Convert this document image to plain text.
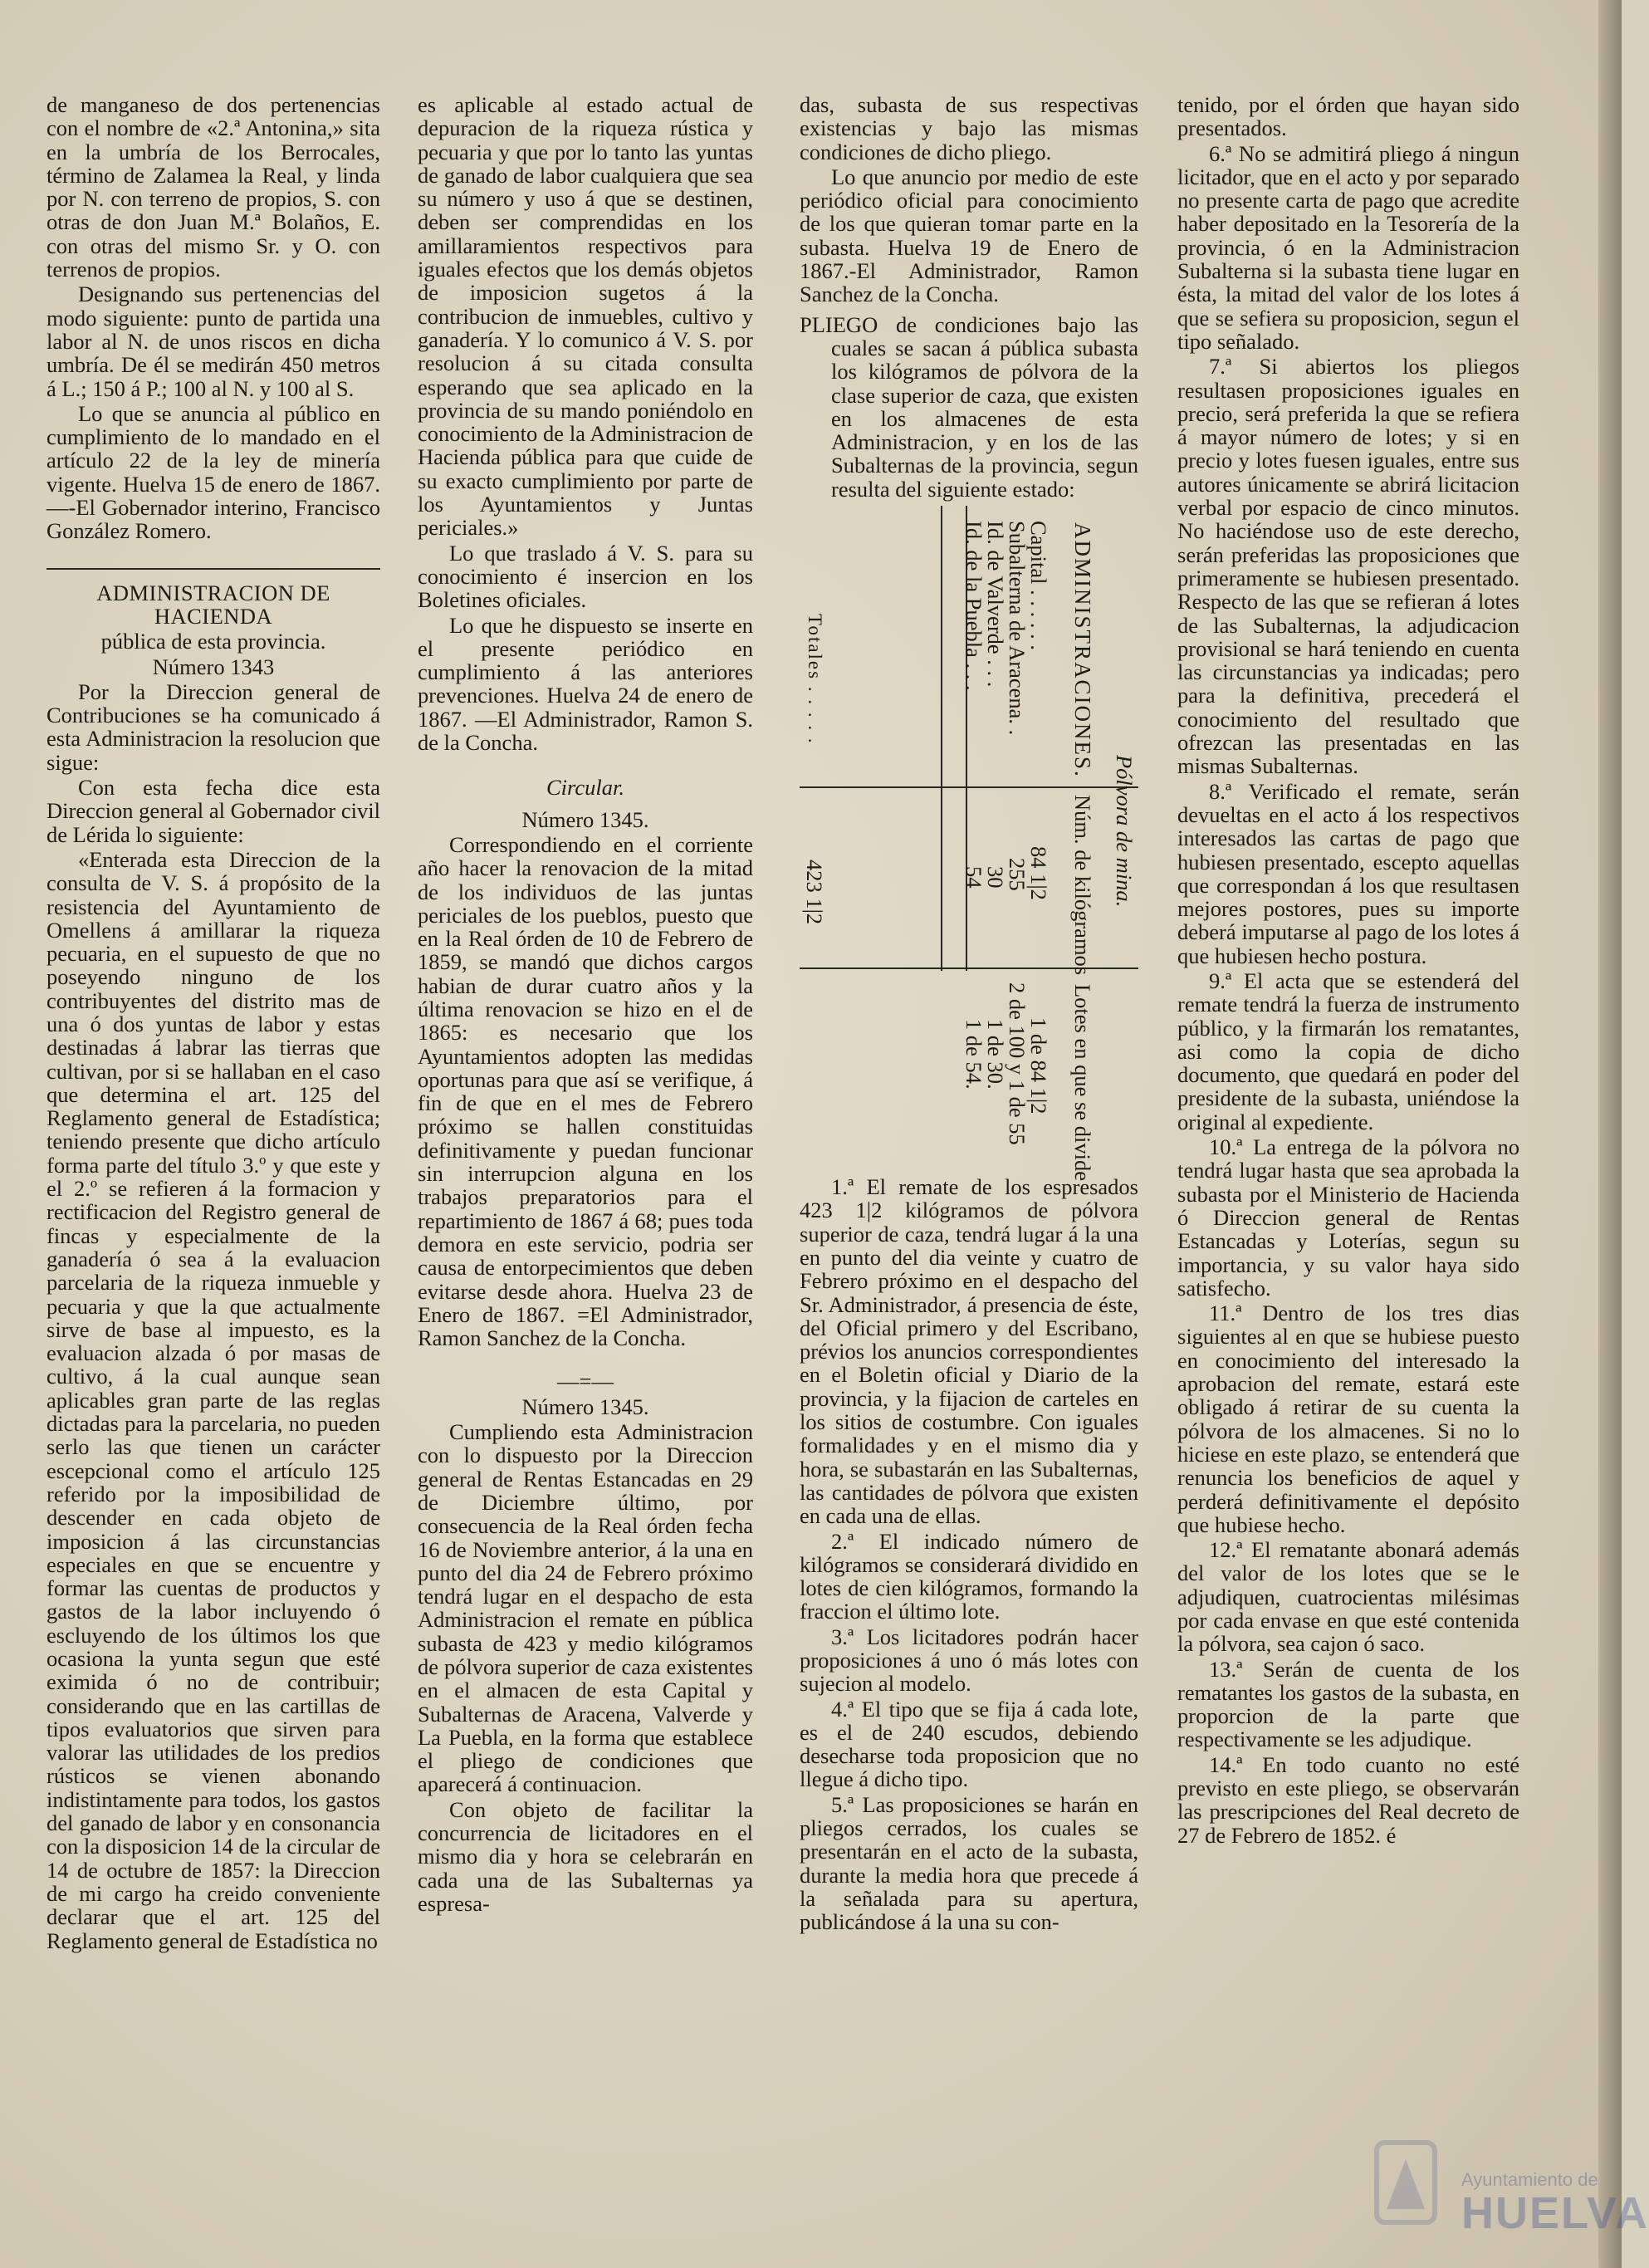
de manganeso de dos pertenencias con el nombre de «2.ª Antonina,» sita en la umbría de los Berrocales, término de Zalamea la Real, y linda por N. con terreno de propios, S. con otras de don Juan M.ª Bolaños, E. con otras del mismo Sr. y O. con terrenos de propios.

Designando sus pertenencias del modo siguiente: punto de partida una labor al N. de unos riscos en dicha umbría. De él se medirán 450 metros á L.; 150 á P.; 100 al N. y 100 al S.

Lo que se anuncia al público en cumplimiento de lo mandado en el artículo 22 de la ley de minería vigente. Huelva 15 de enero de 1867.—-El Gobernador interino, Francisco González Romero.

ADMINISTRACION DE HACIENDA

pública de esta provincia.

Número 1343

Por la Direccion general de Contribuciones se ha comunicado á esta Administracion la resolucion que sigue:

Con esta fecha dice esta Direccion general al Gobernador civil de Lérida lo siguiente:

«Enterada esta Direccion de la consulta de V. S. á propósito de la resistencia del Ayuntamiento de Omellens á amillarar la riqueza pecuaria, en el supuesto de que no poseyendo ninguno de los contribuyentes del distrito mas de una ó dos yuntas de labor y estas destinadas á labrar las tierras que cultivan, por si se hallaban en el caso que determina el art. 125 del Reglamento general de Estadística; teniendo presente que dicho artículo forma parte del título 3.º y que este y el 2.º se refieren á la formacion y rectificacion del Registro general de fincas y especialmente de la ganadería ó sea á la evaluacion parcelaria de la riqueza inmueble y pecuaria y que la que actualmente sirve de base al impuesto, es la evaluacion alzada ó por masas de cultivo, á la cual aunque sean aplicables gran parte de las reglas dictadas para la parcelaria, no pueden serlo las que tienen un carácter escepcional como el artículo 125 referido por la imposibilidad de descender en cada objeto de imposicion á las circunstancias especiales en que se encuentre y formar las cuentas de productos y gastos de la labor incluyendo ó escluyendo de los últimos los que ocasiona la yunta segun que esté eximida ó no de contribuir; considerando que en las cartillas de tipos evaluatorios que sirven para valorar las utilidades de los predios rústicos se vienen abonando indistintamente para todos, los gastos del ganado de labor y en consonancia con la disposicion 14 de la circular de 14 de octubre de 1857: la Direccion de mi cargo ha creido conveniente declarar que el art. 125 del Reglamento general de Estadística no

es aplicable al estado actual de depuracion de la riqueza rústica y pecuaria y que por lo tanto las yuntas de ganado de labor cualquiera que sea su número y uso á que se destinen, deben ser comprendidas en los amillaramientos respectivos para iguales efectos que los demás objetos de imposicion sugetos á la contribucion de inmuebles, cultivo y ganadería. Y lo comunico á V. S. por resolucion á su citada consulta esperando que sea aplicado en la provincia de su mando poniéndolo en conocimiento de la Administracion de Hacienda pública para que cuide de su exacto cumplimiento por parte de los Ayuntamientos y Juntas periciales.»

Lo que traslado á V. S. para su conocimiento é insercion en los Boletines oficiales.

Lo que he dispuesto se inserte en el presente periódico en cumplimiento á las anteriores prevenciones. Huelva 24 de enero de 1867. —El Administrador, Ramon S. de la Concha.

Circular.

Número 1345.

Correspondiendo en el corriente año hacer la renovacion de la mitad de los individuos de las juntas periciales de los pueblos, puesto que en la Real órden de 10 de Febrero de 1859, se mandó que dichos cargos habian de durar cuatro años y la última renovacion se hizo en el de 1865: es necesario que los Ayuntamientos adopten las medidas oportunas para que así se verifique, á fin de que en el mes de Febrero próximo se hallen constituidas definitivamente y puedan funcionar sin interrupcion alguna en los trabajos preparatorios para el repartimiento de 1867 á 68; pues toda demora en este servicio, podria ser causa de entorpecimientos que deben evitarse desde ahora. Huelva 23 de Enero de 1867. =El Administrador, Ramon Sanchez de la Concha.

—=—

Número 1345.

Cumpliendo esta Administracion con lo dispuesto por la Direccion general de Rentas Estancadas en 29 de Diciembre último, por consecuencia de la Real órden fecha 16 de Noviembre anterior, á la una en punto del dia 24 de Febrero próximo tendrá lugar en el despacho de esta Administracion el remate en pública subasta de 423 y medio kilógramos de pólvora superior de caza existentes en el almacen de esta Capital y Subalternas de Aracena, Valverde y La Puebla, en la forma que establece el pliego de condiciones que aparecerá á continuacion.

Con objeto de facilitar la concurrencia de licitadores en el mismo dia y hora se celebrarán en cada una de las Subalternas ya espresa-

das, subasta de sus respectivas existencias y bajo las mismas condiciones de dicho pliego.

Lo que anuncio por medio de este periódico oficial para conocimiento de los que quieran tomar parte en la subasta. Huelva 19 de Enero de 1867.-El Administrador, Ramon Sanchez de la Concha.

PLIEGO de condiciones bajo las cuales se sacan á pública subasta los kilógramos de pólvora de la clase superior de caza, que existen en los almacenes de esta Administracion, y en los de las Subalternas de la provincia, segun resulta del siguiente estado:

ADMINISTRACIONES.
Capital . . . . . .
Subalterna de Aracena. .
Id. de Valverde . . .
Id. de la Puebla . . .
Totales . . . . .
Pólvora de mina.
Núm. de kilógramos
84 1|2
255
30
54
423 1|2
Lotes en que se divide
1 de 84 1|2
2 de 100 y 1 de 55
1 de 30.
1 de 54.

1.ª El remate de los espresados 423 1|2 kilógramos de pólvora superior de caza, tendrá lugar á la una en punto del dia veinte y cuatro de Febrero próximo en el despacho del Sr. Administrador, á presencia de éste, del Oficial primero y del Escribano, prévios los anuncios correspondientes en el Boletin oficial y Diario de la provincia, y la fijacion de carteles en los sitios de costumbre. Con iguales formalidades y en el mismo dia y hora, se subastarán en las Subalternas, las cantidades de pólvora que existen en cada una de ellas.

2.ª El indicado número de kilógramos se considerará dividido en lotes de cien kilógramos, formando la fraccion el último lote.

3.ª Los licitadores podrán hacer proposiciones á uno ó más lotes con sujecion al modelo.

4.ª El tipo que se fija á cada lote, es el de 240 escudos, debiendo desecharse toda proposicion que no llegue á dicho tipo.

5.ª Las proposiciones se harán en pliegos cerrados, los cuales se presentarán en el acto de la subasta, durante la media hora que precede á la señalada para su apertura, publicándose á la una su con-

tenido, por el órden que hayan sido presentados.

6.ª No se admitirá pliego á ningun licitador, que en el acto y por separado no presente carta de pago que acredite haber depositado en la Tesorería de la provincia, ó en la Administracion Subalterna si la subasta tiene lugar en ésta, la mitad del valor de los lotes á que se sefiera su proposicion, segun el tipo señalado.

7.ª Si abiertos los pliegos resultasen proposiciones iguales en precio, será preferida la que se refiera á mayor número de lotes; y si en precio y lotes fuesen iguales, entre sus autores únicamente se abrirá licitacion verbal por espacio de cinco minutos. No haciéndose uso de este derecho, serán preferidas las proposiciones que primeramente se hubiesen presentado. Respecto de las que se refieran á lotes de las Subalternas, la adjudicacion provisional se hará teniendo en cuenta las circunstancias ya indicadas; pero para la definitiva, precederá el conocimiento del resultado que ofrezcan las presentadas en las mismas Subalternas.

8.ª Verificado el remate, serán devueltas en el acto á los respectivos interesados las cartas de pago que hubiesen presentado, escepto aquellas que correspondan á los que resultasen mejores postores, pues su importe deberá imputarse al pago de los lotes á que hubiesen hecho postura.

9.ª El acta que se estenderá del remate tendrá la fuerza de instrumento público, y la firmarán los rematantes, asi como la copia de dicho documento, que quedará en poder del presidente de la subasta, uniéndose la original al expediente.

10.ª La entrega de la pólvora no tendrá lugar hasta que sea aprobada la subasta por el Ministerio de Hacienda ó Direccion general de Rentas Estancadas y Loterías, segun su importancia, y su valor haya sido satisfecho.

11.ª Dentro de los tres dias siguientes al en que se hubiese puesto en conocimiento del interesado la aprobacion del remate, estará este obligado á retirar de su cuenta la pólvora de los almacenes. Si no lo hiciese en este plazo, se entenderá que renuncia los beneficios de aquel y perderá definitivamente el depósito que hubiese hecho.

12.ª El rematante abonará además del valor de los lotes que se le adjudiquen, cuatrocientas milésimas por cada envase en que esté contenida la pólvora, sea cajon ó saco.

13.ª Serán de cuenta de los rematantes los gastos de la subasta, en proporcion de la parte que respectivamente se les adjudique.

14.ª En todo cuanto no esté previsto en este pliego, se observarán las prescripciones del Real decreto de 27 de Febrero de 1852. é

Ayuntamiento de
HUELVA
